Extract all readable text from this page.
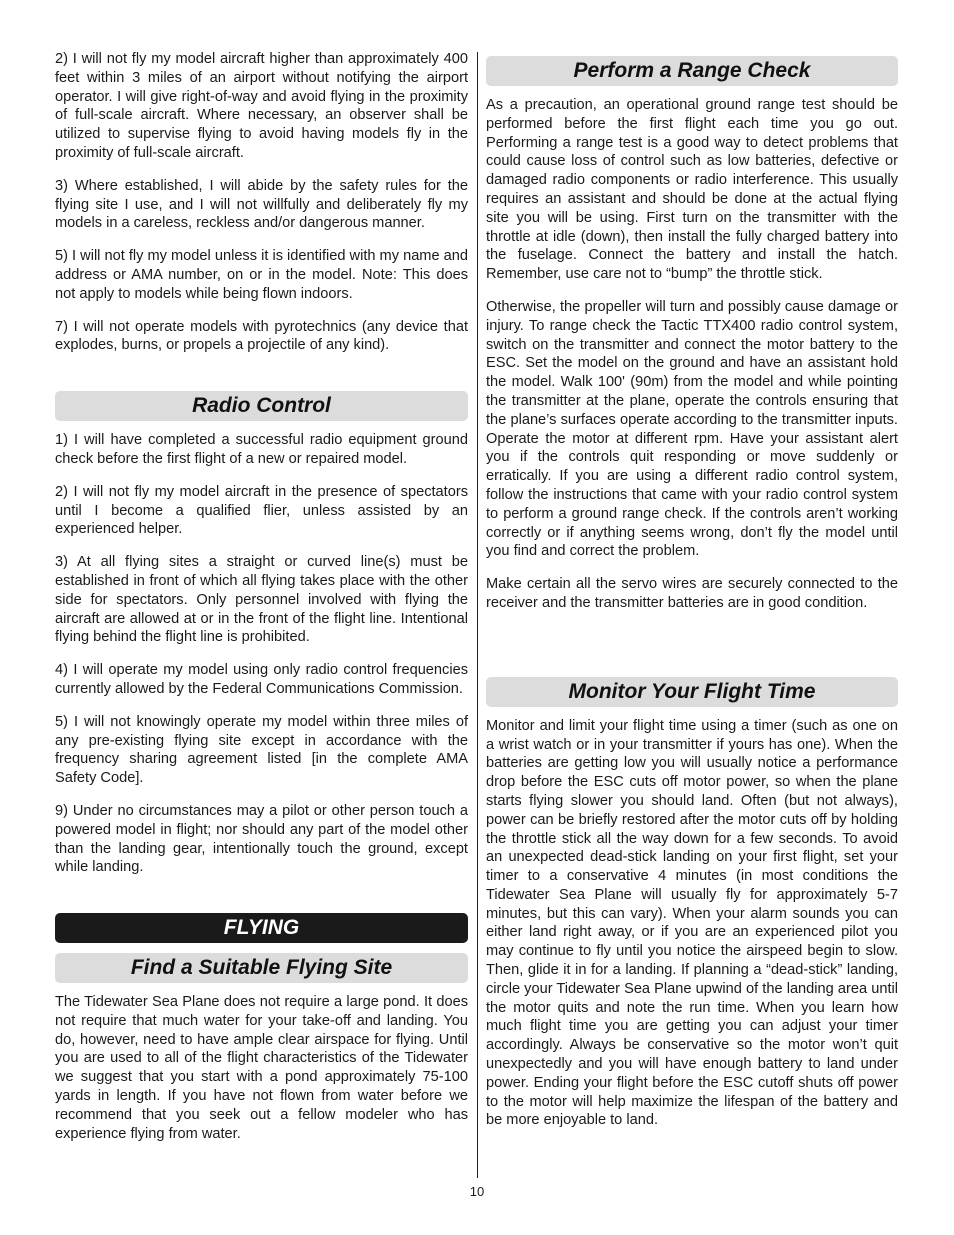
2) I will not fly my model aircraft higher than approximately 400 feet within 3 miles of an airport without notifying the airport operator. I will give right-of-way and avoid flying in the proximity of full-scale aircraft. Where necessary, an observer shall be utilized to supervise flying to avoid having models fly in the proximity of full-scale aircraft.

3) Where established, I will abide by the safety rules for the flying site I use, and I will not willfully and deliberately fly my models in a careless, reckless and/or dangerous manner.

5) I will not fly my model unless it is identified with my name and address or AMA number, on or in the model. Note: This does not apply to models while being flown indoors.

7) I will not operate models with pyrotechnics (any device that explodes, burns, or propels a projectile of any kind).

Radio Control

1) I will have completed a successful radio equipment ground check before the first flight of a new or repaired model.

2) I will not fly my model aircraft in the presence of spectators until I become a qualified flier, unless assisted by an experienced helper.

3) At all flying sites a straight or curved line(s) must be established in front of which all flying takes place with the other side for spectators. Only personnel involved with flying the aircraft are allowed at or in the front of the flight line. Intentional flying behind the flight line is prohibited.

4) I will operate my model using only radio control frequencies currently allowed by the Federal Communications Commission.

5) I will not knowingly operate my model within three miles of any pre-existing flying site except in accordance with the frequency sharing agreement listed [in the complete AMA Safety Code].

9) Under no circumstances may a pilot or other person touch a powered model in flight; nor should any part of the model other than the landing gear, intentionally touch the ground, except while landing.

FLYING
Find a Suitable Flying Site

The Tidewater Sea Plane does not require a large pond. It does not require that much water for your take-off and landing. You do, however, need to have ample clear airspace for flying. Until you are used to all of the flight characteristics of the Tidewater we suggest that you start with a pond approximately 75-100 yards in length. If you have not flown from water before we recommend that you seek out a fellow modeler who has experience flying from water.

Perform a Range Check

As a precaution, an operational ground range test should be performed before the first flight each time you go out. Performing a range test is a good way to detect problems that could cause loss of control such as low batteries, defective or damaged radio components or radio interference. This usually requires an assistant and should be done at the actual flying site you will be using. First turn on the transmitter with the throttle at idle (down), then install the fully charged battery into the fuselage. Connect the battery and install the hatch. Remember, use care not to “bump” the throttle stick.

Otherwise, the propeller will turn and possibly cause damage or injury. To range check the Tactic TTX400 radio control system, switch on the transmitter and connect the motor battery to the ESC. Set the model on the ground and have an assistant hold the model. Walk 100' (90m) from the model and while pointing the transmitter at the plane, operate the controls ensuring that the plane’s surfaces operate according to the transmitter inputs. Operate the motor at different rpm. Have your assistant alert you if the controls quit responding or move suddenly or erratically. If you are using a different radio control system, follow the instructions that came with your radio control system to perform a ground range check. If the controls aren’t working correctly or if anything seems wrong, don’t fly the model until you find and correct the problem.

Make certain all the servo wires are securely connected to the receiver and the transmitter batteries are in good condition.

Monitor Your Flight Time

Monitor and limit your flight time using a timer (such as one on a wrist watch or in your transmitter if yours has one). When the batteries are getting low you will usually notice a performance drop before the ESC cuts off motor power, so when the plane starts flying slower you should land. Often (but not always), power can be briefly restored after the motor cuts off by holding the throttle stick all the way down for a few seconds. To avoid an unexpected dead-stick landing on your first flight, set your timer to a conservative 4 minutes (in most conditions the Tidewater Sea Plane will usually fly for approximately 5-7 minutes, but this can vary). When your alarm sounds you can either land right away, or if you are an experienced pilot you may continue to fly until you notice the airspeed begin to slow. Then, glide it in for a landing. If planning a “dead-stick” landing, circle your Tidewater Sea Plane upwind of the landing area until the motor quits and note the run time. When you learn how much flight time you are getting you can adjust your timer accordingly. Always be conservative so the motor won’t quit unexpectedly and you will have enough battery to land under power. Ending your flight before the ESC cutoff shuts off power to the motor will help maximize the lifespan of the battery and be more enjoyable to land.

10
